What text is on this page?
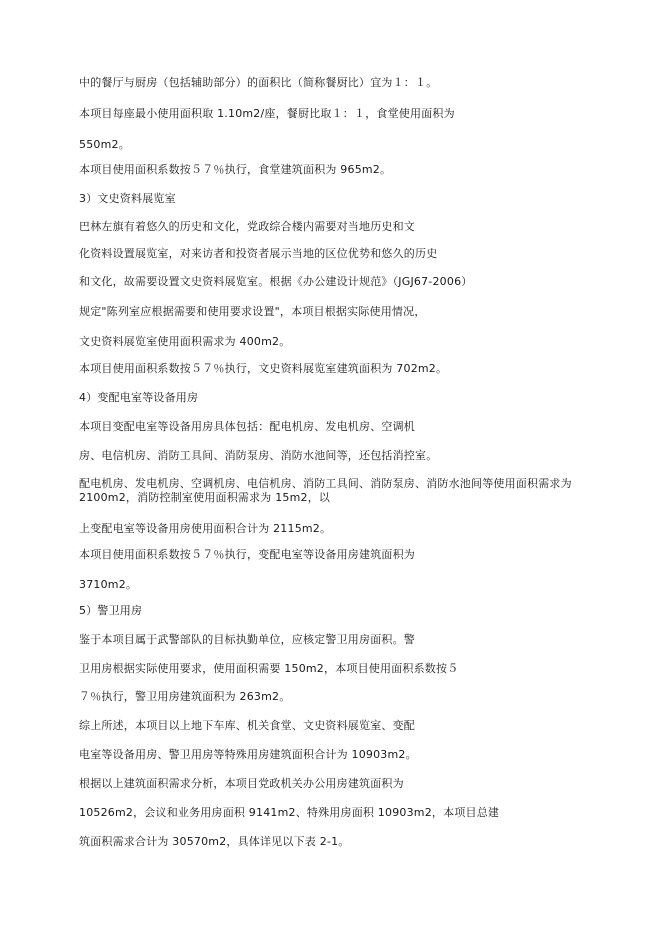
中的餐厅与厨房（包括辅助部分）的面积比（简称餐厨比）宜为１：１。
本项目每座最小使用面积取 1.10m2/座，餐厨比取１：１，食堂使用面积为
550m2。
本项目使用面积系数按５７％执行，食堂建筑面积为 965m2。
3）文史资料展览室
巴林左旗有着悠久的历史和文化，党政综合楼内需要对当地历史和文
化资料设置展览室，对来访者和投资者展示当地的区位优势和悠久的历史
和文化，故需要设置文史资料展览室。根据《办公建设计规范》（JGJ67-2006）
规定"陈列室应根据需要和使用要求设置"，本项目根据实际使用情况，
文史资料展览室使用面积需求为 400m2。
本项目使用面积系数按５７％执行，文史资料展览室建筑面积为 702m2。
4）变配电室等设备用房
本项目变配电室等设备用房具体包括：配电机房、发电机房、空调机
房、电信机房、消防工具间、消防泵房、消防水池间等，还包括消控室。
配电机房、发电机房、空调机房、电信机房、消防工具间、消防泵房、消防水池间等使用面积需求为 2100m2，消防控制室使用面积需求为 15m2，以
上变配电室等设备用房使用面积合计为 2115m2。
本项目使用面积系数按５７％执行，变配电室等设备用房建筑面积为
3710m2。
5）警卫用房
鉴于本项目属于武警部队的目标执勤单位，应核定警卫用房面积。警
卫用房根据实际使用要求，使用面积需要 150m2，本项目使用面积系数按５
７％执行，警卫用房建筑面积为 263m2。
综上所述，本项目以上地下车库、机关食堂、文史资料展览室、变配
电室等设备用房、警卫用房等特殊用房建筑面积合计为 10903m2。
根据以上建筑面积需求分析，本项目党政机关办公用房建筑面积为
10526m2，会议和业务用房面积 9141m2、特殊用房面积 10903m2，本项目总建
筑面积需求合计为 30570m2，具体详见以下表 2-1。
